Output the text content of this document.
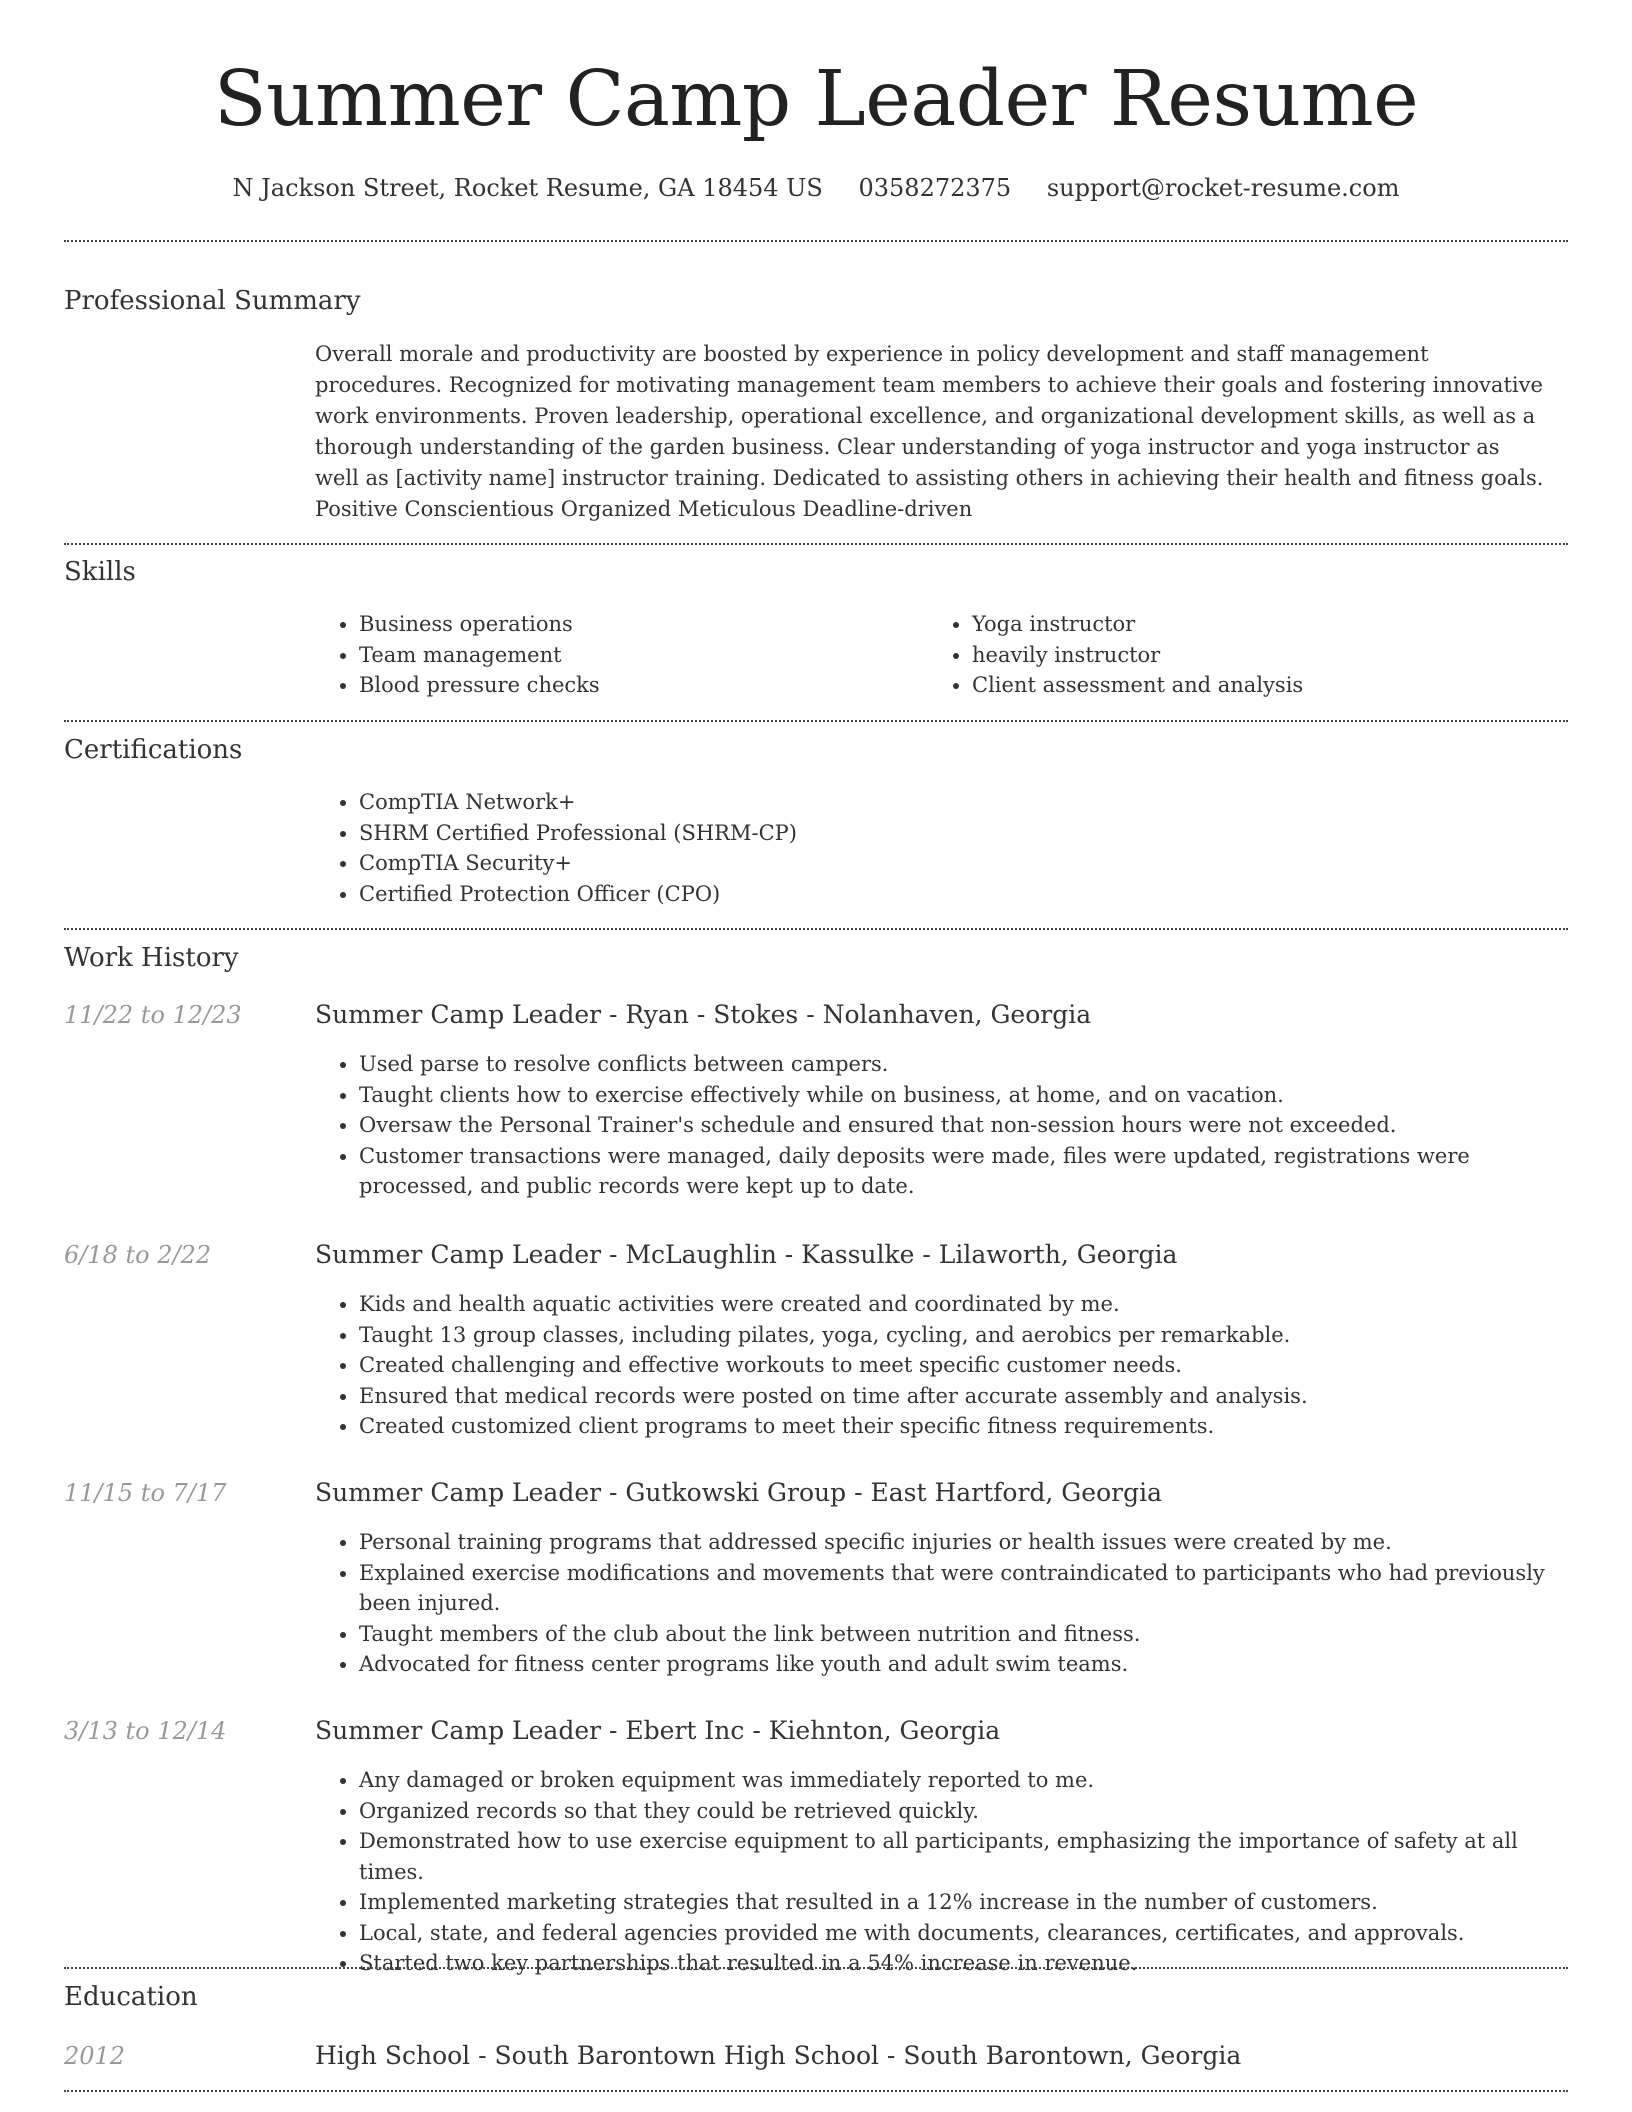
Summer Camp Leader Resume
N Jackson Street, Rocket Resume, GA 18454 US 0358272375 support@rocket-resume.com
Professional Summary
Overall morale and productivity are boosted by experience in policy development and staff management procedures. Recognized for motivating management team members to achieve their goals and fostering innovative work environments. Proven leadership, operational excellence, and organizational development skills, as well as a thorough understanding of the garden business. Clear understanding of yoga instructor and yoga instructor as well as [activity name] instructor training. Dedicated to assisting others in achieving their health and fitness goals. Positive Conscientious Organized Meticulous Deadline-driven
Skills
• Business operations
• Team management
• Blood pressure checks
• Yoga instructor
• heavily instructor
• Client assessment and analysis
Certifications
• CompTIA Network+
• SHRM Certified Professional (SHRM-CP)
• CompTIA Security+
• Certified Protection Officer (CPO)
Work History
11/22 to 12/23	Summer Camp Leader - Ryan - Stokes - Nolanhaven, Georgia
• Used parse to resolve conflicts between campers.
• Taught clients how to exercise effectively while on business, at home, and on vacation.
• Oversaw the Personal Trainer's schedule and ensured that non-session hours were not exceeded.
• Customer transactions were managed, daily deposits were made, files were updated, registrations were processed, and public records were kept up to date.
6/18 to 2/22	Summer Camp Leader - McLaughlin - Kassulke - Lilaworth, Georgia
• Kids and health aquatic activities were created and coordinated by me.
• Taught 13 group classes, including pilates, yoga, cycling, and aerobics per remarkable.
• Created challenging and effective workouts to meet specific customer needs.
• Ensured that medical records were posted on time after accurate assembly and analysis.
• Created customized client programs to meet their specific fitness requirements.
11/15 to 7/17	Summer Camp Leader - Gutkowski Group - East Hartford, Georgia
• Personal training programs that addressed specific injuries or health issues were created by me.
• Explained exercise modifications and movements that were contraindicated to participants who had previously been injured.
• Taught members of the club about the link between nutrition and fitness.
• Advocated for fitness center programs like youth and adult swim teams.
3/13 to 12/14	Summer Camp Leader - Ebert Inc - Kiehnton, Georgia
• Any damaged or broken equipment was immediately reported to me.
• Organized records so that they could be retrieved quickly.
• Demonstrated how to use exercise equipment to all participants, emphasizing the importance of safety at all times.
• Implemented marketing strategies that resulted in a 12% increase in the number of customers.
• Local, state, and federal agencies provided me with documents, clearances, certificates, and approvals.
• Started two key partnerships that resulted in a 54% increase in revenue.
Education
2012	High School - South Barontown High School - South Barontown, Georgia
